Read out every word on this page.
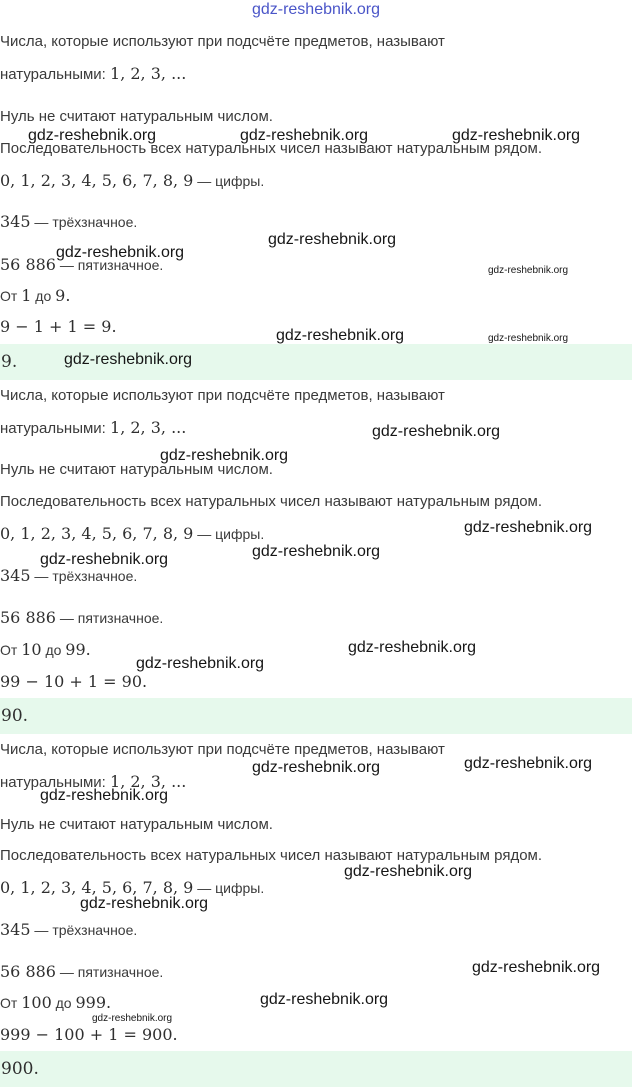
gdz-reshebnik.org
Числа, которые используют при подсчёте предметов, называют
натуральными: 1, 2, 3, ...
Нуль не считают натуральным числом.
Последовательность всех натуральных чисел называют натуральным рядом.
0, 1, 2, 3, 4, 5, 6, 7, 8, 9 — цифры.
345 — трёхзначное.
56 886 — пятизначное.
От 1 до 9.
9 − 1 + 1 = 9.
9.
Числа, которые используют при подсчёте предметов, называют
натуральными: 1, 2, 3, ...
Нуль не считают натуральным числом.
Последовательность всех натуральных чисел называют натуральным рядом.
0, 1, 2, 3, 4, 5, 6, 7, 8, 9 — цифры.
345 — трёхзначное.
56 886 — пятизначное.
От 10 до 99.
99 − 10 + 1 = 90.
90.
Числа, которые используют при подсчёте предметов, называют
натуральными: 1, 2, 3, ...
Нуль не считают натуральным числом.
Последовательность всех натуральных чисел называют натуральным рядом.
0, 1, 2, 3, 4, 5, 6, 7, 8, 9 — цифры.
345 — трёхзначное.
56 886 — пятизначное.
От 100 до 999.
999 − 100 + 1 = 900.
900.
gdz-reshebnik.org	gdz-reshebnik.org	gdz-reshebnik.org
gdz-reshebnik.org
gdz-reshebnik.org
gdz-reshebnik.org
gdz-reshebnik.org	gdz-reshebnik.org
gdz-reshebnik.org
gdz-reshebnik.org
gdz-reshebnik.org
gdz-reshebnik.org
gdz-reshebnik.org
gdz-reshebnik.org
gdz-reshebnik.org
gdz-reshebnik.org
gdz-reshebnik.org	gdz-reshebnik.org
gdz-reshebnik.org
gdz-reshebnik.org
gdz-reshebnik.org
gdz-reshebnik.org
gdz-reshebnik.org
gdz-reshebnik.org
